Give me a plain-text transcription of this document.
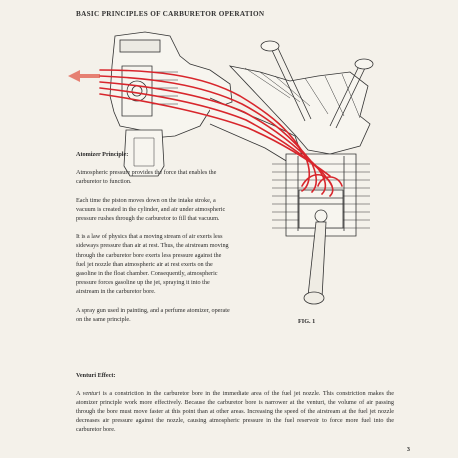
BASIC PRINCIPLES OF CARBURETOR OPERATION

Atomizer Principle:

Atmospheric pressure provides the force that enables the carburetor to function.

Each time the piston moves down on the intake stroke, a vacuum is created in the cylinder, and air under atmospheric pressure rushes through the carburetor to fill that vacuum.

It is a law of physics that a moving stream of air exerts less sideways pressure than air at rest. Thus, the airstream moving through the carburetor bore exerts less pressure against the fuel jet nozzle than atmospheric air at rest exerts on the gasoline in the float chamber. Consequently, atmospheric pressure forces gasoline up the jet, spraying it into the airstream in the carburetor bore.

A spray gun used in painting, and a perfume atomizer, operate on the same principle.	FIG. 1

Venturi Effect:

A venturi is a constriction in the carburetor bore in the immediate area of the fuel jet nozzle. This constriction makes the atomizer principle work more effectively. Because the carburetor bore is narrower at the venturi, the volume of air passing through the bore must move faster at this point than at other areas. Increasing the speed of the airstream at the fuel jet nozzle decreases air pressure against the nozzle, causing atmospheric pressure in the fuel reservoir to force more fuel into the carburetor bore.

3
